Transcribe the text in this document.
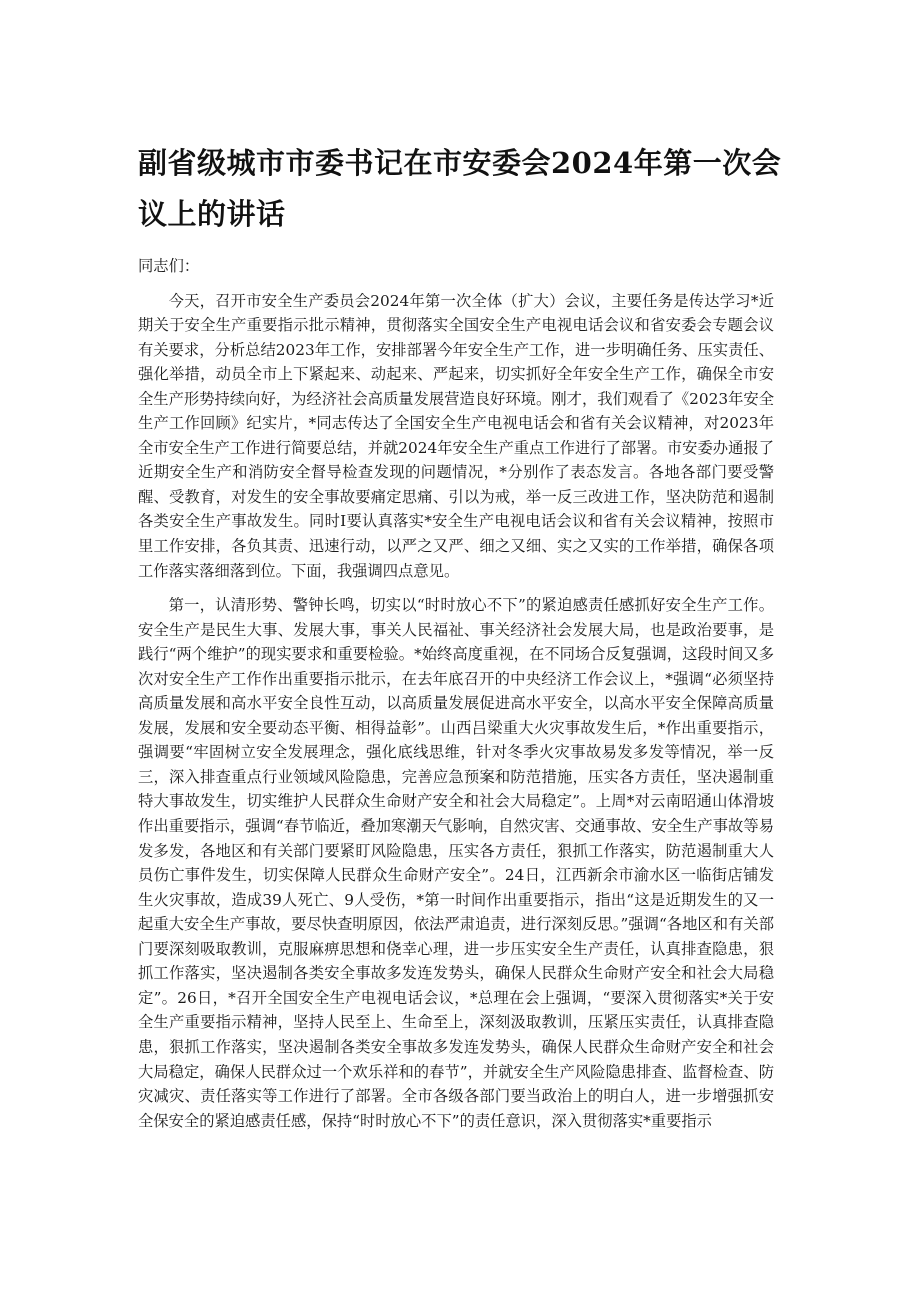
副省级城市市委书记在市安委会2024年第一次会议上的讲话

同志们：

今天，召开市安全生产委员会2024年第一次全体（扩大）会议，主要任务是传达学习*近期关于安全生产重要指示批示精神，贯彻落实全国安全生产电视电话会议和省安委会专题会议有关要求，分析总结2023年工作，安排部署今年安全生产工作，进一步明确任务、压实责任、强化举措，动员全市上下紧起来、动起来、严起来，切实抓好全年安全生产工作，确保全市安全生产形势持续向好，为经济社会高质量发展营造良好环境。刚才，我们观看了《2023年安全生产工作回顾》纪实片，*同志传达了全国安全生产电视电话会和省有关会议精神，对2023年全市安全生产工作进行简要总结，并就2024年安全生产重点工作进行了部署。市安委办通报了近期安全生产和消防安全督导检查发现的问题情况，*分别作了表态发言。各地各部门要受警醒、受教育，对发生的安全事故要痛定思痛、引以为戒，举一反三改进工作，坚决防范和遏制各类安全生产事故发生。同时I要认真落实*安全生产电视电话会议和省有关会议精神，按照市里工作安排，各负其责、迅速行动，以严之又严、细之又细、实之又实的工作举措，确保各项工作落实落细落到位。下面，我强调四点意见。

第一，认清形势、警钟长鸣，切实以“时时放心不下”的紧迫感责任感抓好安全生产工作。安全生产是民生大事、发展大事，事关人民福祉、事关经济社会发展大局，也是政治要事，是践行“两个维护”的现实要求和重要检验。*始终高度重视，在不同场合反复强调，这段时间又多次对安全生产工作作出重要指示批示，在去年底召开的中央经济工作会议上，*强调“必须坚持高质量发展和高水平安全良性互动，以高质量发展促进高水平安全，以高水平安全保障高质量发展，发展和安全要动态平衡、相得益彰”。山西吕梁重大火灾事故发生后，*作出重要指示，强调要“牢固树立安全发展理念，强化底线思维，针对冬季火灾事故易发多发等情况，举一反三，深入排查重点行业领域风险隐患，完善应急预案和防范措施，压实各方责任，坚决遏制重特大事故发生，切实维护人民群众生命财产安全和社会大局稳定”。上周*对云南昭通山体滑坡作出重要指示，强调“春节临近，叠加寒潮天气影响，自然灾害、交通事故、安全生产事故等易发多发，各地区和有关部门要紧盯风险隐患，压实各方责任，狠抓工作落实，防范遏制重大人员伤亡事件发生，切实保障人民群众生命财产安全”。24日，江西新余市渝水区一临街店铺发生火灾事故，造成39人死亡、9人受伤，*第一时间作出重要指示，指出“这是近期发生的又一起重大安全生产事故，要尽快查明原因，依法严肃追责，进行深刻反思。”强调“各地区和有关部门要深刻吸取教训，克服麻痹思想和侥幸心理，进一步压实安全生产责任，认真排查隐患，狠抓工作落实，坚决遏制各类安全事故多发连发势头，确保人民群众生命财产安全和社会大局稳定”。26日，*召开全国安全生产电视电话会议，*总理在会上强调，“要深入贯彻落实*关于安全生产重要指示精神，坚持人民至上、生命至上，深刻汲取教训，压紧压实责任，认真排查隐患，狠抓工作落实，坚决遏制各类安全事故多发连发势头，确保人民群众生命财产安全和社会大局稳定，确保人民群众过一个欢乐祥和的春节”，并就安全生产风险隐患排查、监督检查、防灾减灾、责任落实等工作进行了部署。全市各级各部门要当政治上的明白人，进一步增强抓安全保安全的紧迫感责任感，保持“时时放心不下”的责任意识，深入贯彻落实*重要指示
